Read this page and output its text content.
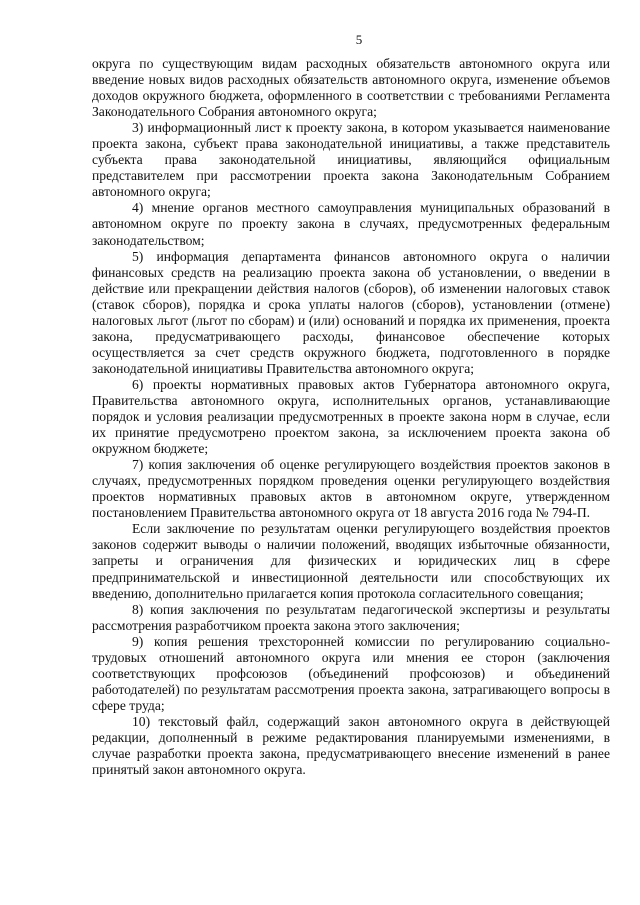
5

округа по существующим видам расходных обязательств автономного округа или введение новых видов расходных обязательств автономного округа, изменение объемов доходов окружного бюджета, оформленного в соответствии с требованиями Регламента Законодательного Собрания автономного округа;

3) информационный лист к проекту закона, в котором указывается наименование проекта закона, субъект права законодательной инициативы, а также представитель субъекта права законодательной инициативы, являющийся официальным представителем при рассмотрении проекта закона Законодательным Собранием автономного округа;

4) мнение органов местного самоуправления муниципальных образований в автономном округе по проекту закона в случаях, предусмотренных федеральным законодательством;

5) информация департамента финансов автономного округа о наличии финансовых средств на реализацию проекта закона об установлении, о введении в действие или прекращении действия налогов (сборов), об изменении налоговых ставок (ставок сборов), порядка и срока уплаты налогов (сборов), установлении (отмене) налоговых льгот (льгот по сборам) и (или) оснований и порядка их применения, проекта закона, предусматривающего расходы, финансовое обеспечение которых осуществляется за счет средств окружного бюджета, подготовленного в порядке законодательной инициативы Правительства автономного округа;

6) проекты нормативных правовых актов Губернатора автономного округа, Правительства автономного округа, исполнительных органов, устанавливающие порядок и условия реализации предусмотренных в проекте закона норм в случае, если их принятие предусмотрено проектом закона, за исключением проекта закона об окружном бюджете;

7) копия заключения об оценке регулирующего воздействия проектов законов в случаях, предусмотренных порядком проведения оценки регулирующего воздействия проектов нормативных правовых актов в автономном округе, утвержденном постановлением Правительства автономного округа от 18 августа 2016 года № 794-П.

Если заключение по результатам оценки регулирующего воздействия проектов законов содержит выводы о наличии положений, вводящих избыточные обязанности, запреты и ограничения для физических и юридических лиц в сфере предпринимательской и инвестиционной деятельности или способствующих их введению, дополнительно прилагается копия протокола согласительного совещания;

8) копия заключения по результатам педагогической экспертизы и результаты рассмотрения разработчиком проекта закона этого заключения;

9) копия решения трехсторонней комиссии по регулированию социально-трудовых отношений автономного округа или мнения ее сторон (заключения соответствующих профсоюзов (объединений профсоюзов) и объединений работодателей) по результатам рассмотрения проекта закона, затрагивающего вопросы в сфере труда;

10) текстовый файл, содержащий закон автономного округа в действующей редакции, дополненный в режиме редактирования планируемыми изменениями, в случае разработки проекта закона, предусматривающего внесение изменений в ранее принятый закон автономного округа.
